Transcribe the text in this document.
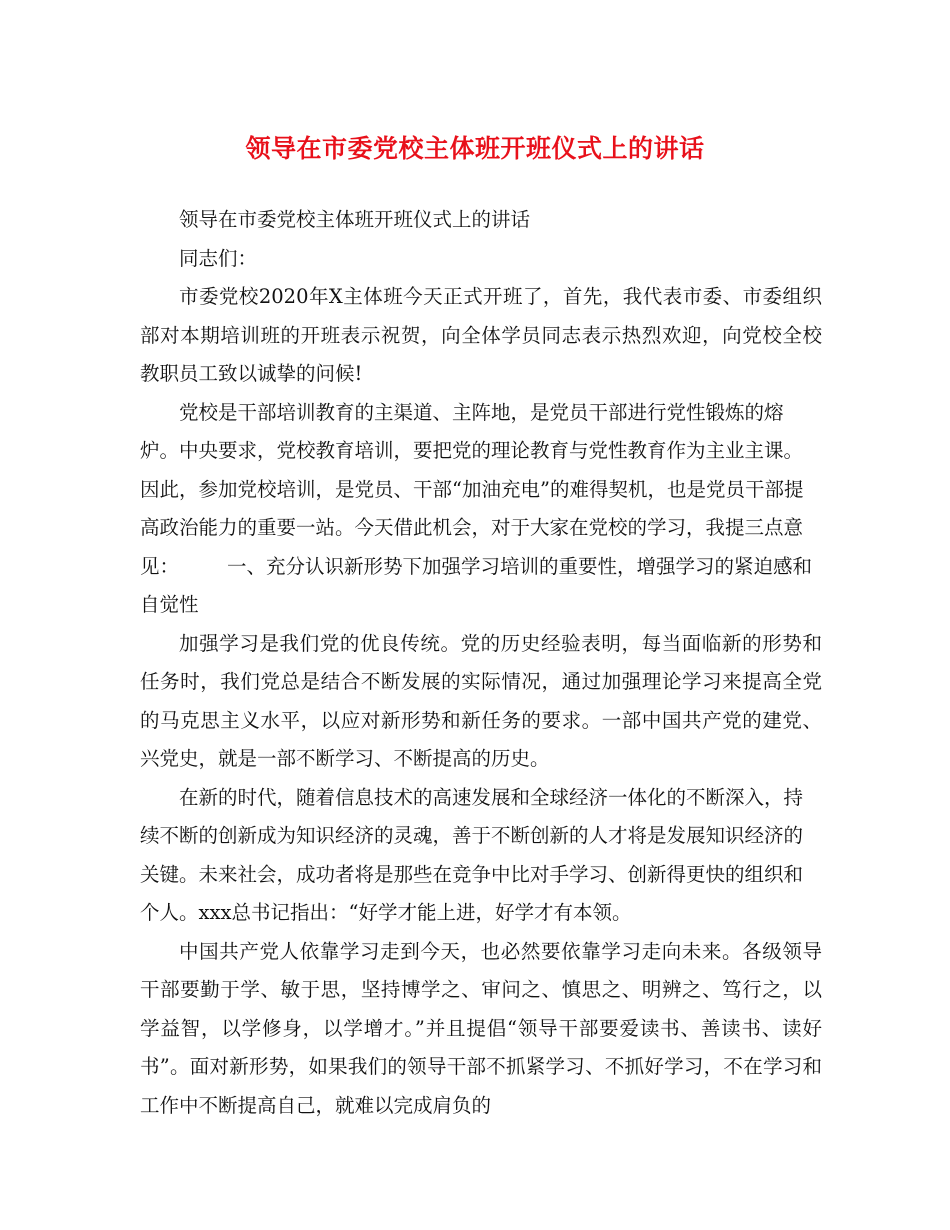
领导在市委党校主体班开班仪式上的讲话

领导在市委党校主体班开班仪式上的讲话

同志们：

市委党校2020年X主体班今天正式开班了，首先，我代表市委、市委组织部对本期培训班的开班表示祝贺，向全体学员同志表示热烈欢迎，向党校全校教职员工致以诚挚的问候!

党校是干部培训教育的主渠道、主阵地，是党员干部进行党性锻炼的熔炉。中央要求，党校教育培训，要把党的理论教育与党性教育作为主业主课。因此，参加党校培训，是党员、干部“加油充电”的难得契机，也是党员干部提高政治能力的重要一站。今天借此机会，对于大家在党校的学习，我提三点意见： 一、充分认识新形势下加强学习培训的重要性，增强学习的紧迫感和自觉性

加强学习是我们党的优良传统。党的历史经验表明，每当面临新的形势和任务时，我们党总是结合不断发展的实际情况，通过加强理论学习来提高全党的马克思主义水平，以应对新形势和新任务的要求。一部中国共产党的建党、兴党史，就是一部不断学习、不断提高的历史。

在新的时代，随着信息技术的高速发展和全球经济一体化的不断深入，持续不断的创新成为知识经济的灵魂，善于不断创新的人才将是发展知识经济的关键。未来社会，成功者将是那些在竞争中比对手学习、创新得更快的组织和个人。xxx总书记指出：“好学才能上进，好学才有本领。

中国共产党人依靠学习走到今天，也必然要依靠学习走向未来。各级领导干部要勤于学、敏于思，坚持博学之、审问之、慎思之、明辨之、笃行之，以学益智，以学修身，以学增才。”并且提倡“领导干部要爱读书、善读书、读好书”。面对新形势，如果我们的领导干部不抓紧学习、不抓好学习，不在学习和工作中不断提高自己，就难以完成肩负的
